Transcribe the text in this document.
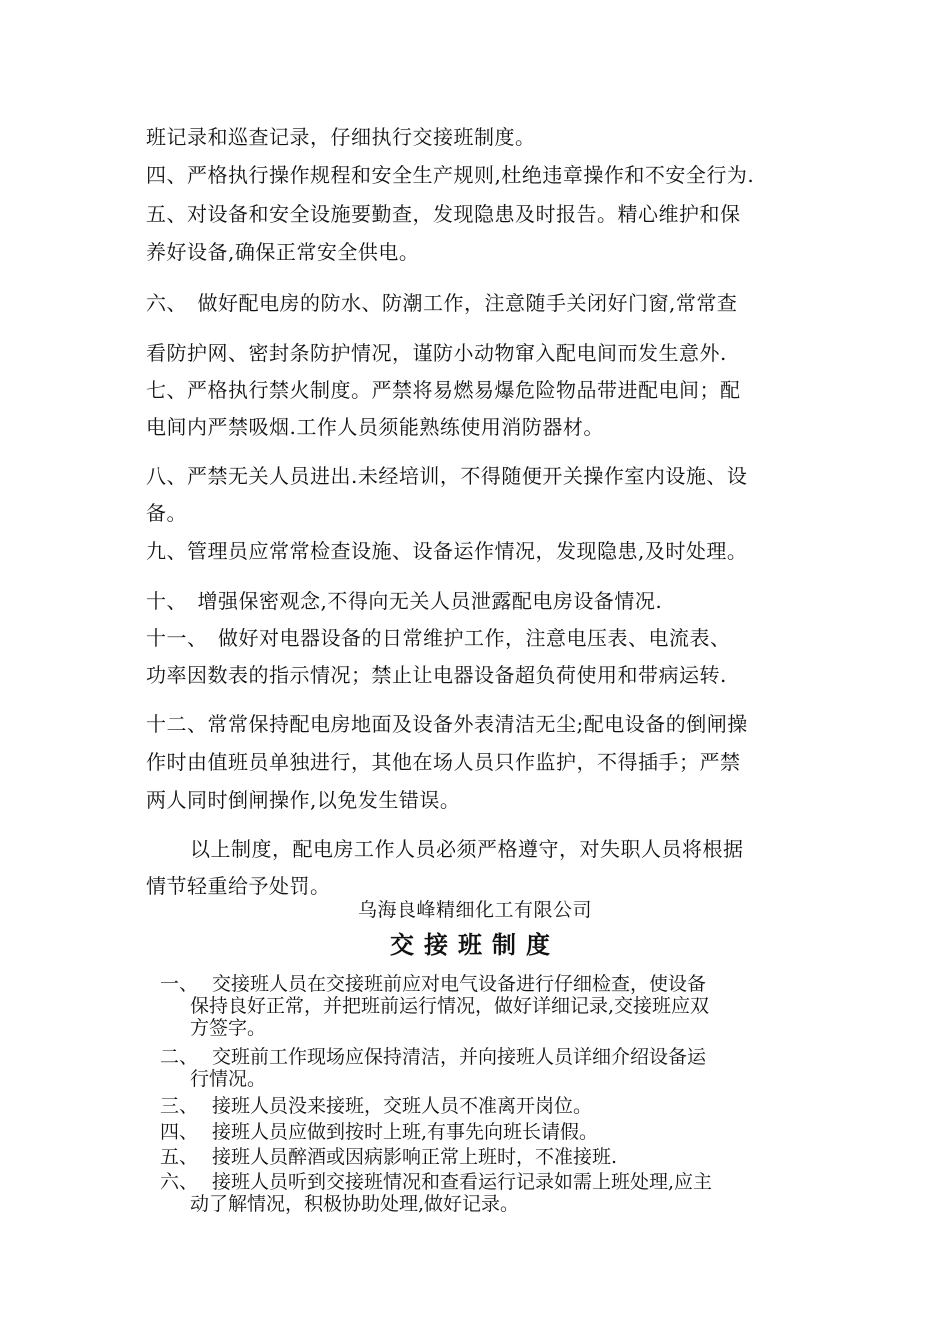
班记录和巡查记录，仔细执行交接班制度。
四、严格执行操作规程和安全生产规则,杜绝违章操作和不安全行为.
五、对设备和安全设施要勤查，发现隐患及时报告。精心维护和保
养好设备,确保正常安全供电。
六、　做好配电房的防水、防潮工作，注意随手关闭好门窗,常常查
看防护网、密封条防护情况，谨防小动物窜入配电间而发生意外.
七、严格执行禁火制度。严禁将易燃易爆危险物品带进配电间；配
电间内严禁吸烟.工作人员须能熟练使用消防器材。
八、严禁无关人员进出.未经培训，不得随便开关操作室内设施、设
备。
九、管理员应常常检查设施、设备运作情况，发现隐患,及时处理。
十、　增强保密观念,不得向无关人员泄露配电房设备情况.
十一、　做好对电器设备的日常维护工作，注意电压表、电流表、
功率因数表的指示情况；禁止让电器设备超负荷使用和带病运转.
十二、常常保持配电房地面及设备外表清洁无尘;配电设备的倒闸操
作时由值班员单独进行，其他在场人员只作监护，不得插手；严禁
两人同时倒闸操作,以免发生错误。
以上制度，配电房工作人员必须严格遵守，对失职人员将根据
情节轻重给予处罚。
乌海良峰精细化工有限公司
交接班制度
一、 交接班人员在交接班前应对电气设备进行仔细检查，使设备
保持良好正常，并把班前运行情况，做好详细记录,交接班应双
方签字。
二、 交班前工作现场应保持清洁，并向接班人员详细介绍设备运
行情况。
三、 接班人员没来接班，交班人员不准离开岗位。
四、 接班人员应做到按时上班,有事先向班长请假。
五、 接班人员醉酒或因病影响正常上班时，不准接班.
六、 接班人员听到交接班情况和查看运行记录如需上班处理,应主
动了解情况，积极协助处理,做好记录。
